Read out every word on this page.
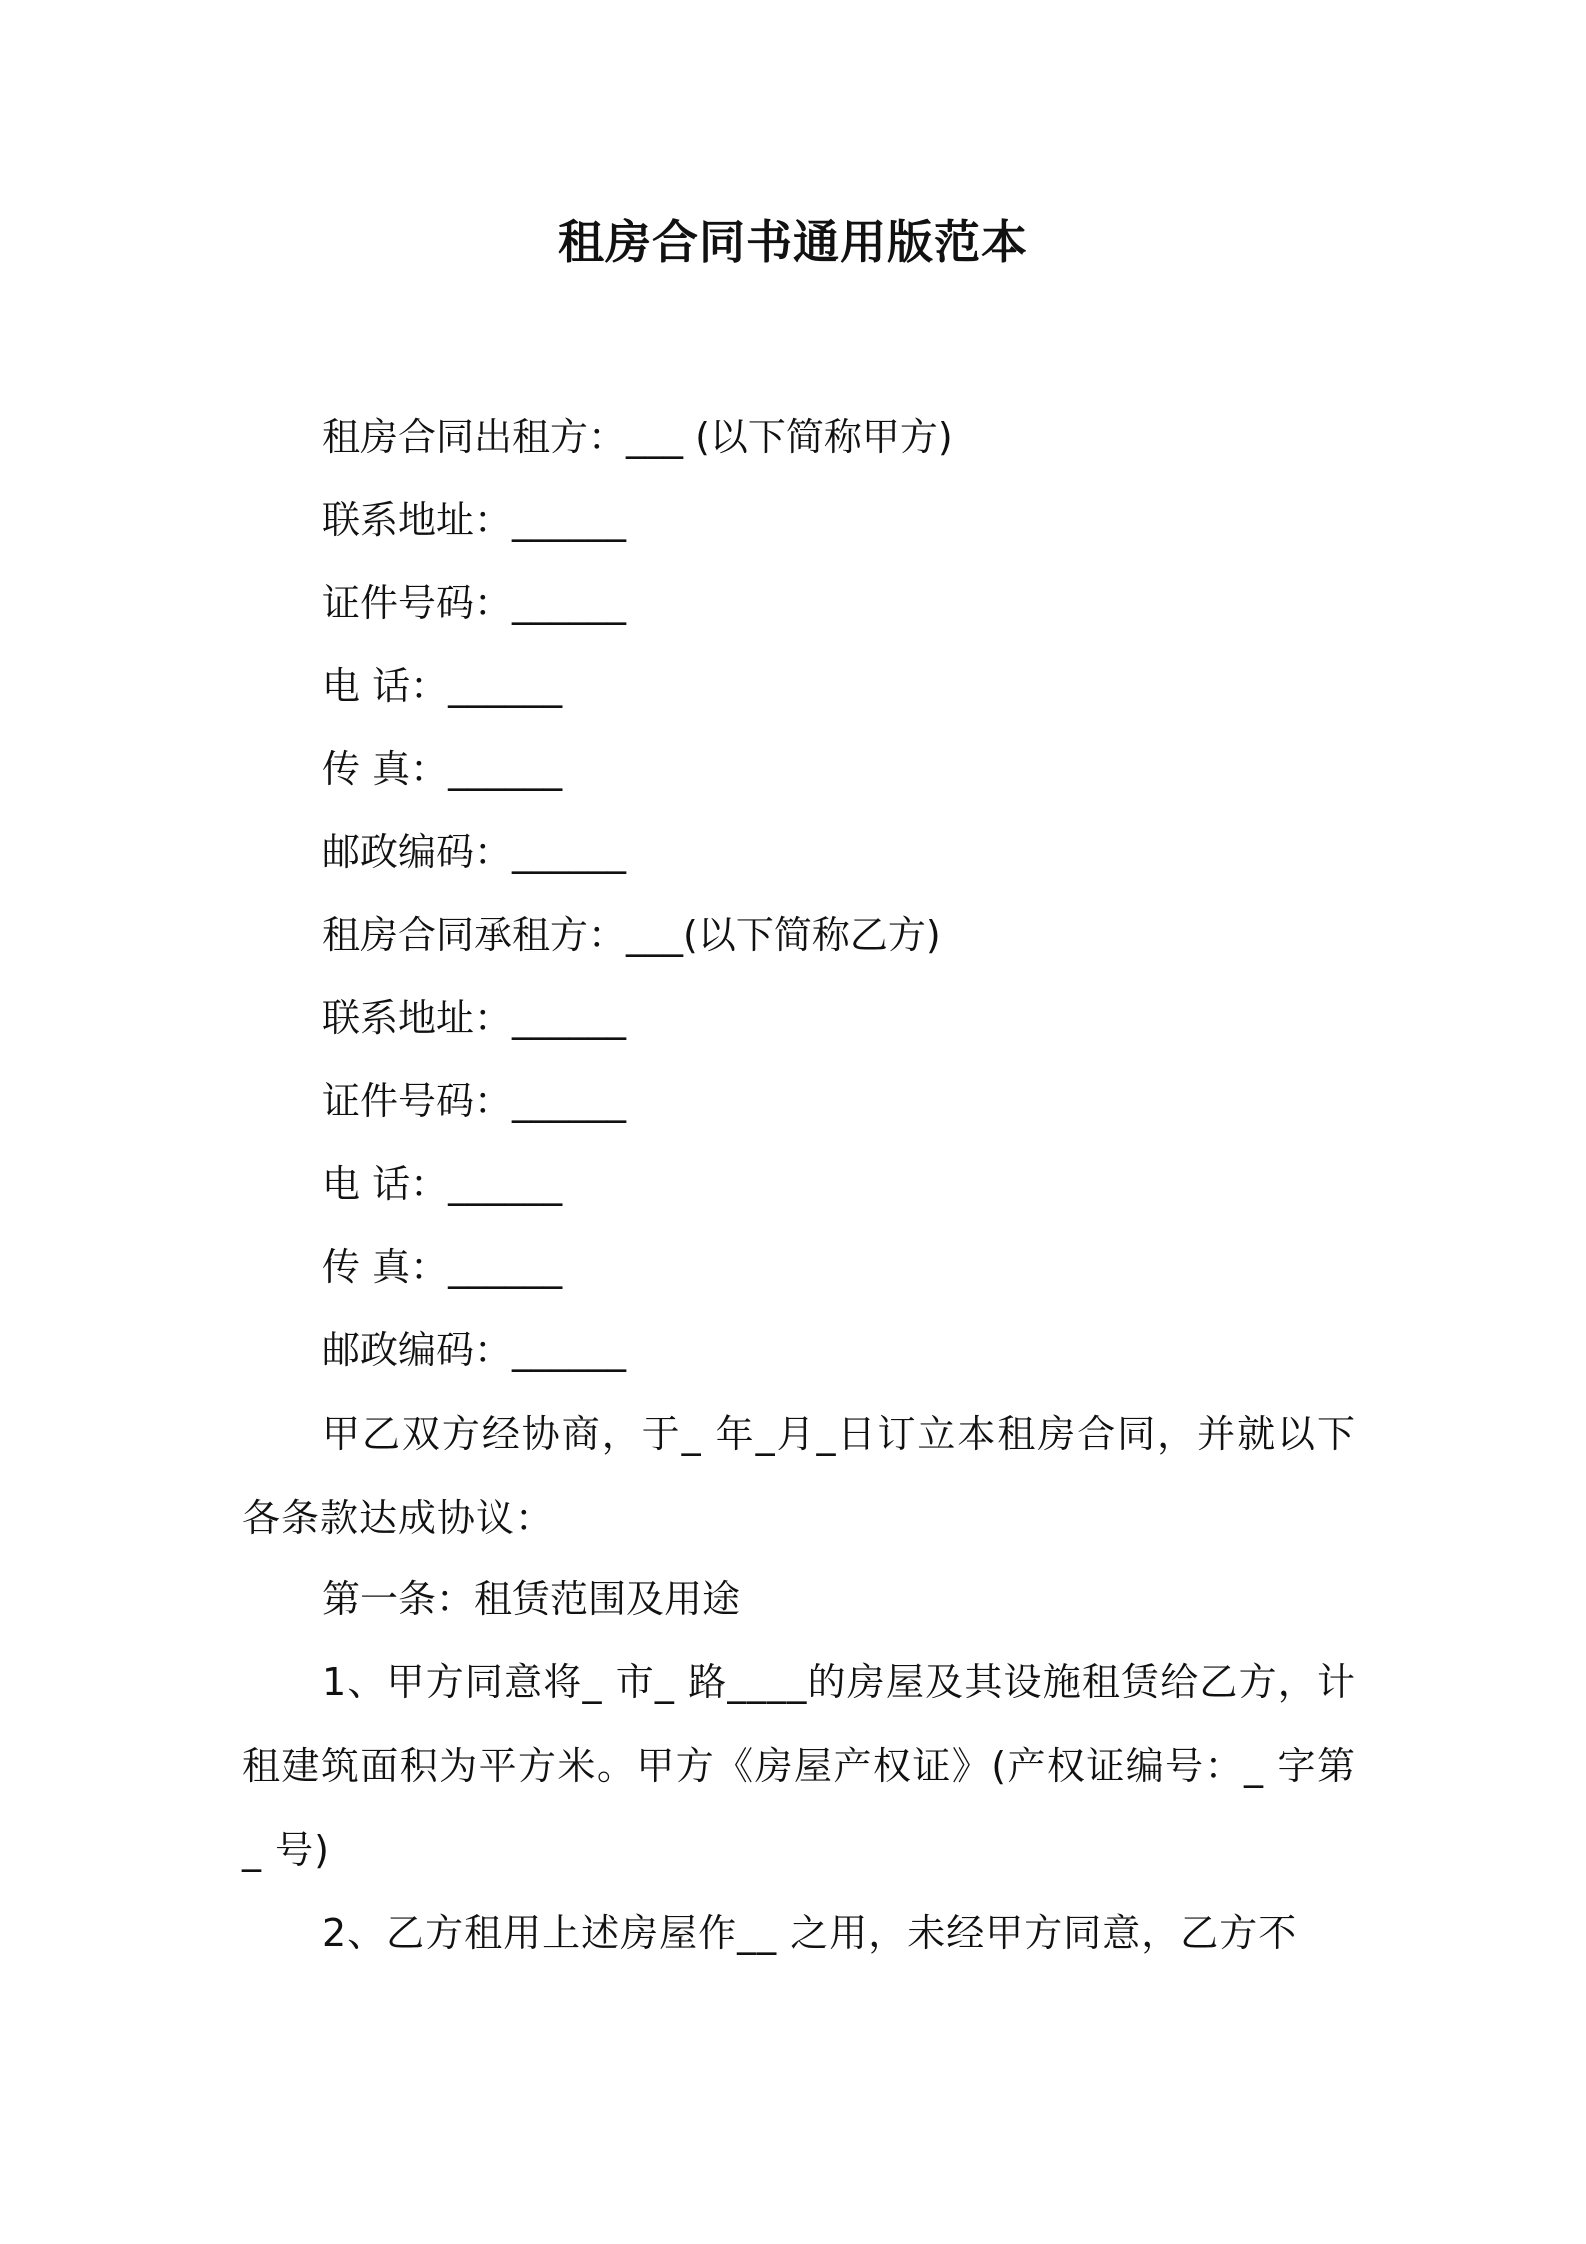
租房合同书通用版范本
租房合同出租方：___ (以下简称甲方)
联系地址：______
证件号码：______
电 话：______
传 真：______
邮政编码：______
租房合同承租方：___(以下简称乙方)
联系地址：______
证件号码：______
电 话：______
传 真：______
邮政编码：______
甲乙双方经协商，于_ 年_月_日订立本租房合同，并就以下各条款达成协议：
第一条：租赁范围及用途
1、甲方同意将_ 市_ 路____的房屋及其设施租赁给乙方，计租建筑面积为平方米。甲方《房屋产权证》(产权证编号：_ 字第_ 号)
2、乙方租用上述房屋作__ 之用，未经甲方同意，乙方不
